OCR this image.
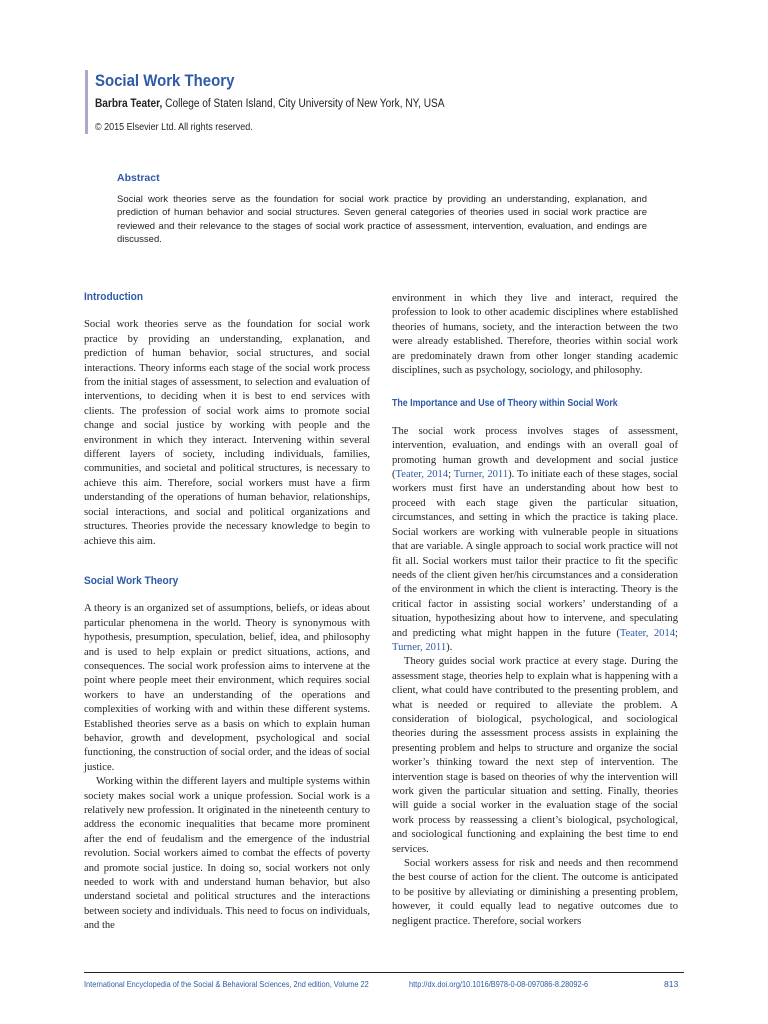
Social Work Theory
Barbra Teater, College of Staten Island, City University of New York, NY, USA
© 2015 Elsevier Ltd. All rights reserved.
Abstract
Social work theories serve as the foundation for social work practice by providing an understanding, explanation, and prediction of human behavior and social structures. Seven general categories of theories used in social work practice are reviewed and their relevance to the stages of social work practice of assessment, intervention, evaluation, and endings are discussed.
Introduction

Social work theories serve as the foundation for social work practice by providing an understanding, explanation, and prediction of human behavior, social structures, and social interactions. Theory informs each stage of the social work process from the initial stages of assessment, to selection and evaluation of interventions, to deciding when it is best to end services with clients. The profession of social work aims to promote social change and social justice by working with people and the environment in which they interact. Intervening within several different layers of society, including individuals, families, communities, and societal and political structures, is necessary to achieve this aim. Therefore, social workers must have a firm understanding of the operations of human behavior, relationships, social interactions, and social and political organizations and structures. Theories provide the necessary knowledge to begin to achieve this aim.

Social Work Theory

A theory is an organized set of assumptions, beliefs, or ideas about particular phenomena in the world. Theory is synonymous with hypothesis, presumption, speculation, belief, idea, and philosophy and is used to help explain or predict situations, actions, and consequences. The social work profession aims to intervene at the point where people meet their environment, which requires social workers to have an understanding of the operations and complexities of working with and within these different systems. Established theories serve as a basis on which to explain human behavior, growth and development, psychological and social functioning, the construction of social order, and the ideas of social justice.

Working within the different layers and multiple systems within society makes social work a unique profession. Social work is a relatively new profession. It originated in the nineteenth century to address the economic inequalities that became more prominent after the end of feudalism and the emergence of the industrial revolution. Social workers aimed to combat the effects of poverty and promote social justice. In doing so, social workers not only needed to work with and understand human behavior, but also understand societal and political structures and the interactions between society and individuals. This need to focus on individuals, and the

environment in which they live and interact, required the profession to look to other academic disciplines where established theories of humans, society, and the interaction between the two were already established. Therefore, theories within social work are predominately drawn from other longer standing academic disciplines, such as psychology, sociology, and philosophy.

The Importance and Use of Theory within Social Work

The social work process involves stages of assessment, intervention, evaluation, and endings with an overall goal of promoting human growth and development and social justice (Teater, 2014; Turner, 2011). To initiate each of these stages, social workers must first have an understanding about how best to proceed with each stage given the particular situation, circumstances, and setting in which the practice is taking place. Social workers are working with vulnerable people in situations that are variable. A single approach to social work practice will not fit all. Social workers must tailor their practice to fit the specific needs of the client given her/his circumstances and a consideration of the environment in which the client is interacting. Theory is the critical factor in assisting social workers’ understanding of a situation, hypothesizing about how to intervene, and speculating and predicting what might happen in the future (Teater, 2014; Turner, 2011).

Theory guides social work practice at every stage. During the assessment stage, theories help to explain what is happening with a client, what could have contributed to the presenting problem, and what is needed or required to alleviate the problem. A consideration of biological, psychological, and sociological theories during the assessment process assists in explaining the presenting problem and helps to structure and organize the social worker’s thinking toward the next step of intervention. The intervention stage is based on theories of why the intervention will work given the particular situation and setting. Finally, theories will guide a social worker in the evaluation stage of the social work process by reassessing a client’s biological, psychological, and sociological functioning and explaining the best time to end services.

Social workers assess for risk and needs and then recommend the best course of action for the client. The outcome is anticipated to be positive by alleviating or diminishing a presenting problem, however, it could equally lead to negative outcomes due to negligent practice. Therefore, social workers

International Encyclopedia of the Social & Behavioral Sciences, 2nd edition, Volume 22	http://dx.doi.org/10.1016/B978-0-08-097086-8.28092-6	813
